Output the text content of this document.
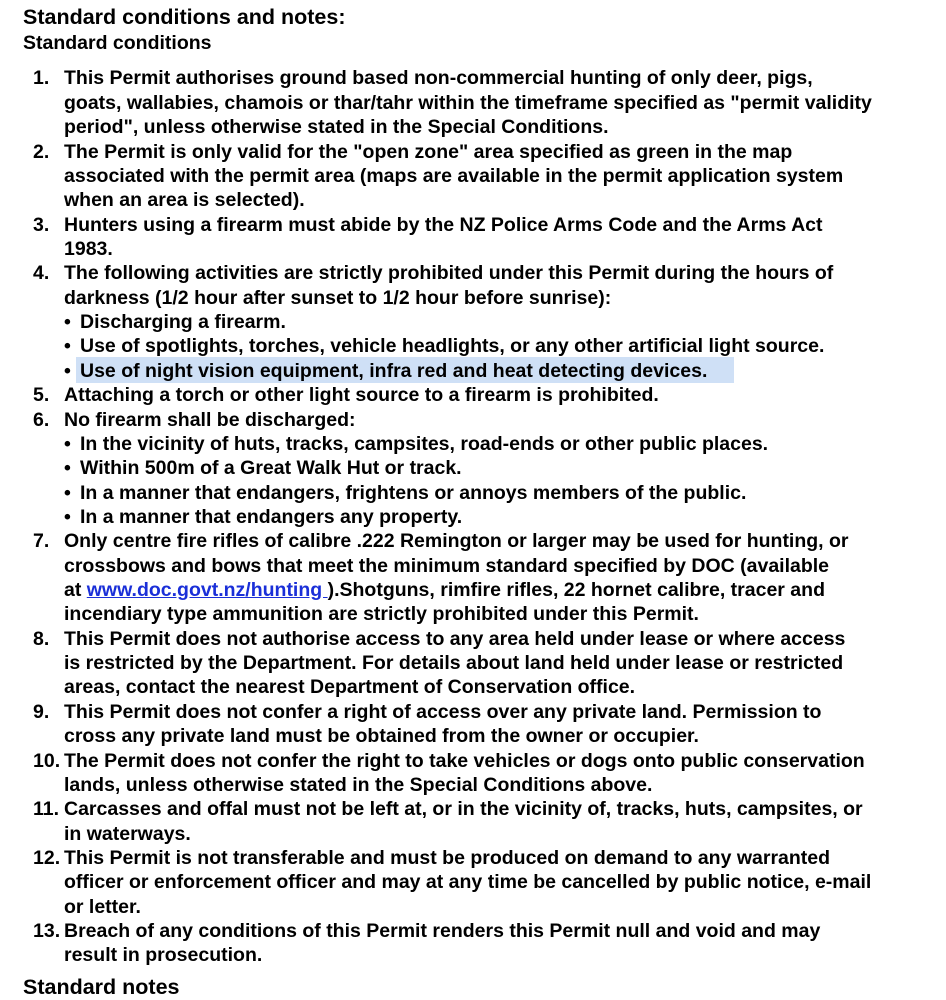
Standard conditions and notes:
Standard conditions
1. This Permit authorises ground based non-commercial hunting of only deer, pigs,
goats, wallabies, chamois or thar/tahr within the timeframe specified as "permit validity
period", unless otherwise stated in the Special Conditions.
2. The Permit is only valid for the "open zone" area specified as green in the map
associated with the permit area (maps are available in the permit application system
when an area is selected).
3. Hunters using a firearm must abide by the NZ Police Arms Code and the Arms Act
1983.
4. The following activities are strictly prohibited under this Permit during the hours of
darkness (1/2 hour after sunset to 1/2 hour before sunrise):
• Discharging a firearm.
• Use of spotlights, torches, vehicle headlights, or any other artificial light source.
• Use of night vision equipment, infra red and heat detecting devices.
5. Attaching a torch or other light source to a firearm is prohibited.
6. No firearm shall be discharged:
• In the vicinity of huts, tracks, campsites, road-ends or other public places.
• Within 500m of a Great Walk Hut or track.
• In a manner that endangers, frightens or annoys members of the public.
• In a manner that endangers any property.
7. Only centre fire rifles of calibre .222 Remington or larger may be used for hunting, or
crossbows and bows that meet the minimum standard specified by DOC (available
at www.doc.govt.nz/hunting ).Shotguns, rimfire rifles, 22 hornet calibre, tracer and
incendiary type ammunition are strictly prohibited under this Permit.
8. This Permit does not authorise access to any area held under lease or where access
is restricted by the Department. For details about land held under lease or restricted
areas, contact the nearest Department of Conservation office.
9. This Permit does not confer a right of access over any private land. Permission to
cross any private land must be obtained from the owner or occupier.
10. The Permit does not confer the right to take vehicles or dogs onto public conservation
lands, unless otherwise stated in the Special Conditions above.
11. Carcasses and offal must not be left at, or in the vicinity of, tracks, huts, campsites, or
in waterways.
12. This Permit is not transferable and must be produced on demand to any warranted
officer or enforcement officer and may at any time be cancelled by public notice, e-mail
or letter.
13. Breach of any conditions of this Permit renders this Permit null and void and may
result in prosecution.
Standard notes
